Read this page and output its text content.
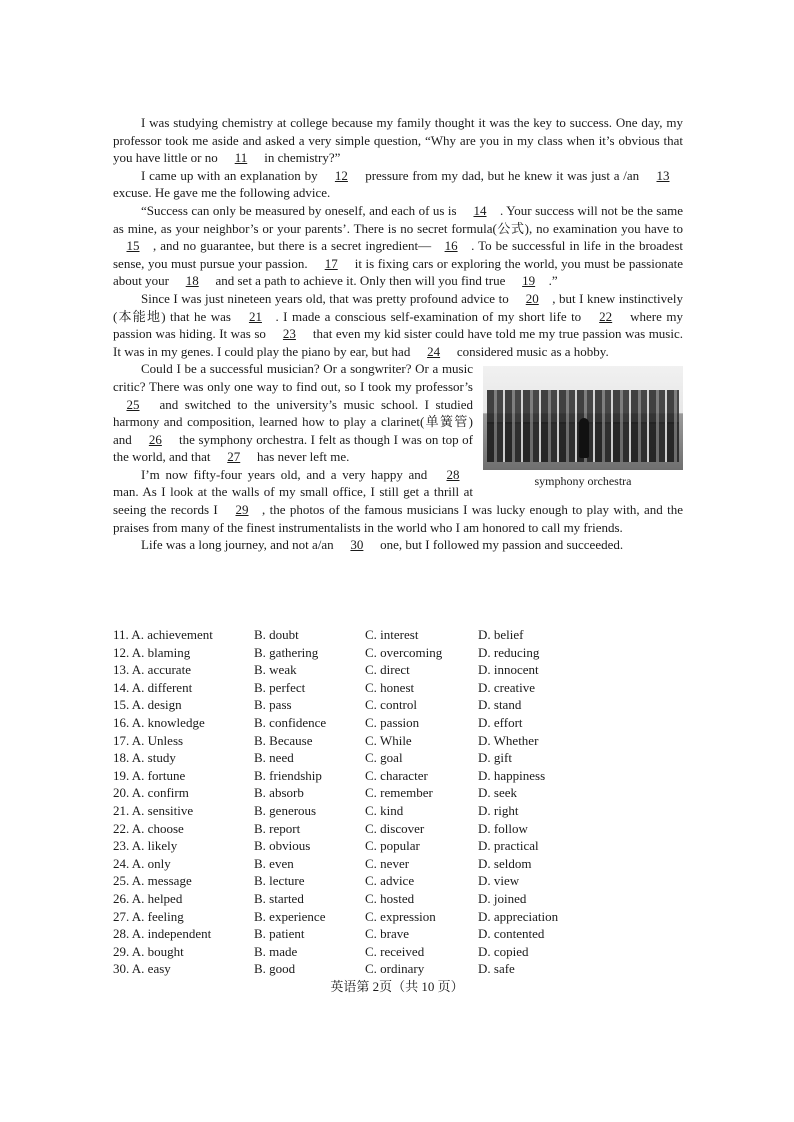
I was studying chemistry at college because my family thought it was the key to success. One day, my professor took me aside and asked a very simple question, “Why are you in my class when it’s obvious that you have little or no 11 in chemistry?”

I came up with an explanation by 12 pressure from my dad, but he knew it was just a /an 13 excuse. He gave me the following advice.

“Success can only be measured by oneself, and each of us is 14 . Your success will not be the same as mine, as your neighbor’s or your parents’. There is no secret formula(公式), no examination you have to 15 , and no guarantee, but there is a secret ingredient— 16 . To be successful in life in the broadest sense, you must pursue your passion. 17 it is fixing cars or exploring the world, you must be passionate about your 18 and set a path to achieve it. Only then will you find true 19 .”

Since I was just nineteen years old, that was pretty profound advice to 20 , but I knew instinctively (本能地) that he was 21 . I made a conscious self-examination of my short life to 22 where my passion was hiding. It was so 23 that even my kid sister could have told me my true passion was music. It was in my genes. I could play the piano by ear, but had 24 considered music as a hobby.

symphony orchestra

Could I be a successful musician? Or a songwriter? Or a music critic? There was only one way to find out, so I took my professor’s 25 and switched to the university’s music school. I studied harmony and composition, learned how to play a clarinet(单簧管) and 26 the symphony orchestra. I felt as though I was on top of the world, and that 27 has never left me.

I’m now fifty-four years old, and a very happy and 28 man. As I look at the walls of my small office, I still get a thrill at seeing the records I 29 , the photos of the famous musicians I was lucky enough to play with, and the praises from many of the finest instrumentalists in the world who I am honored to call my friends.

Life was a long journey, and not a/an 30 one, but I followed my passion and succeeded.

11. A. achievement	B. doubt	C. interest	D. belief
12. A. blaming	B. gathering	C. overcoming	D. reducing
13. A. accurate	B. weak	C. direct	D. innocent
14. A. different	B. perfect	C. honest	D. creative
15. A. design	B. pass	C. control	D. stand
16. A. knowledge	B. confidence	C. passion	D. effort
17. A. Unless	B. Because	C. While	D. Whether
18. A. study	B. need	C. goal	D. gift
19. A. fortune	B. friendship	C. character	D. happiness
20. A. confirm	B. absorb	C. remember	D. seek
21. A. sensitive	B. generous	C. kind	D. right
22. A. choose	B. report	C. discover	D. follow
23. A. likely	B. obvious	C. popular	D. practical
24. A. only	B. even	C. never	D. seldom
25. A. message	B. lecture	C. advice	D. view
26. A. helped	B. started	C. hosted	D. joined
27. A. feeling	B. experience	C. expression	D. appreciation
28. A. independent	B. patient	C. brave	D. contented
29. A. bought	B. made	C. received	D. copied
30. A. easy	B. good	C. ordinary	D. safe
英语第 2页（共 10 页）
